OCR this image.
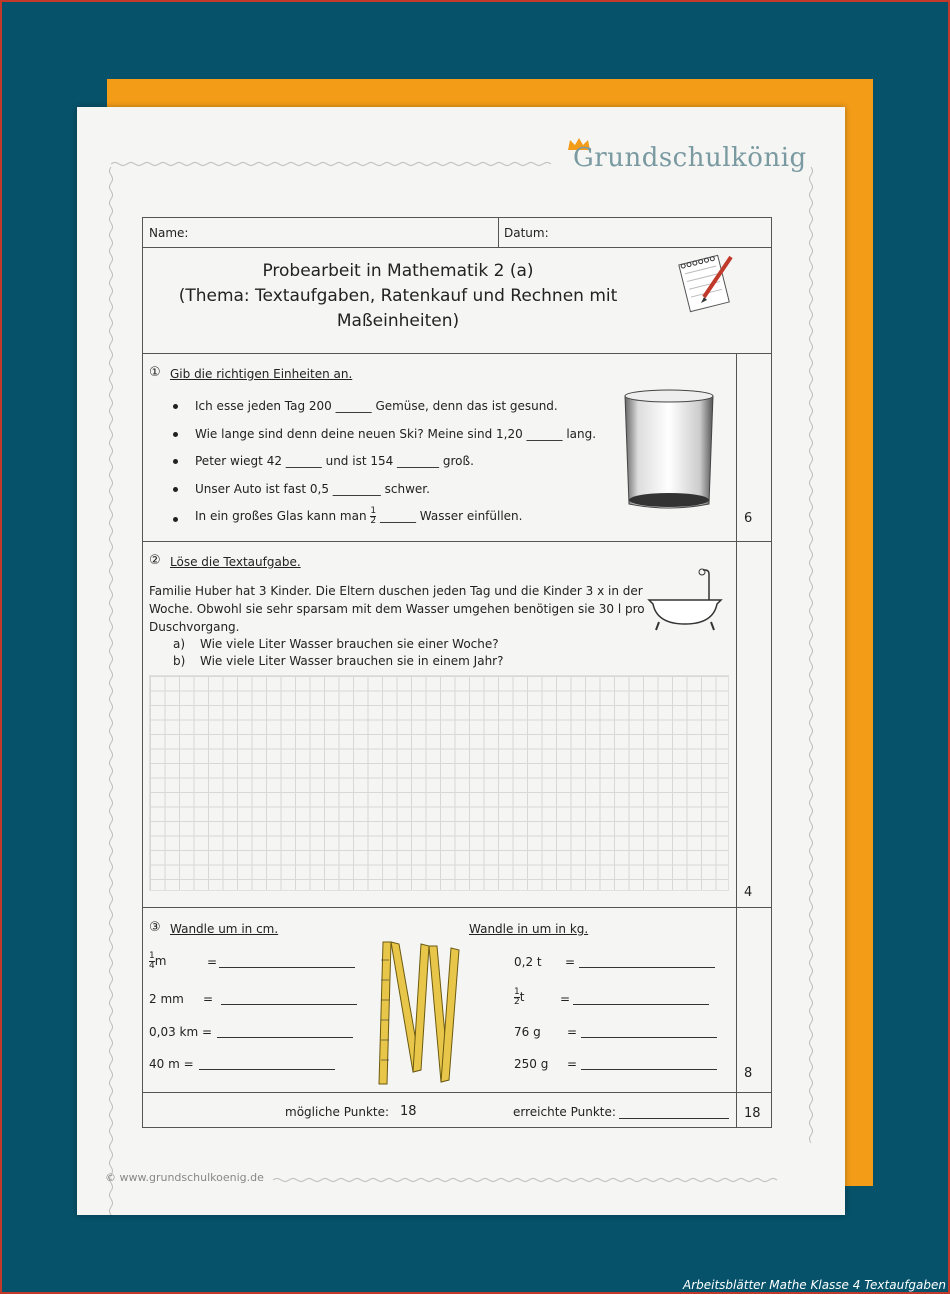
Grundschulkönig
Name:	Datum:
Probearbeit in Mathematik 2 (a)
(Thema: Textaufgaben, Ratenkauf und Rechnen mit
Maßeinheiten)
① Gib die richtigen Einheiten an.
Ich esse jeden Tag 200 ______ Gemüse, denn das ist gesund.
Wie lange sind denn deine neuen Ski? Meine sind 1,20 ______ lang.
Peter wiegt 42 ______ und ist 154 _______ groß.
Unser Auto ist fast 0,5 ________ schwer.
In ein großes Glas kann man $\frac{1}{2}$ ______ Wasser einfüllen.	6
② Löse die Textaufgabe.
Familie Huber hat 3 Kinder. Die Eltern duschen jeden Tag und die Kinder 3 x in der
Woche. Obwohl sie sehr sparsam mit dem Wasser umgehen benötigen sie 30 l pro
Duschvorgang.
a) Wie viele Liter Wasser brauchen sie einer Woche?
b) Wie viele Liter Wasser brauchen sie in einem Jahr?
4
③ Wandle um in cm.	Wandle in um in kg.
$\frac{1}{4}$ m	=
2 mm =
0,03 km =
40 m =
0,2 t =
$\frac{1}{2}$ t	=
76 g =
250 g =
8
mögliche Punkte: 18	erreichte Punkte:	18
© www.grundschulkoenig.de
Arbeitsblätter Mathe Klasse 4 Textaufgaben
